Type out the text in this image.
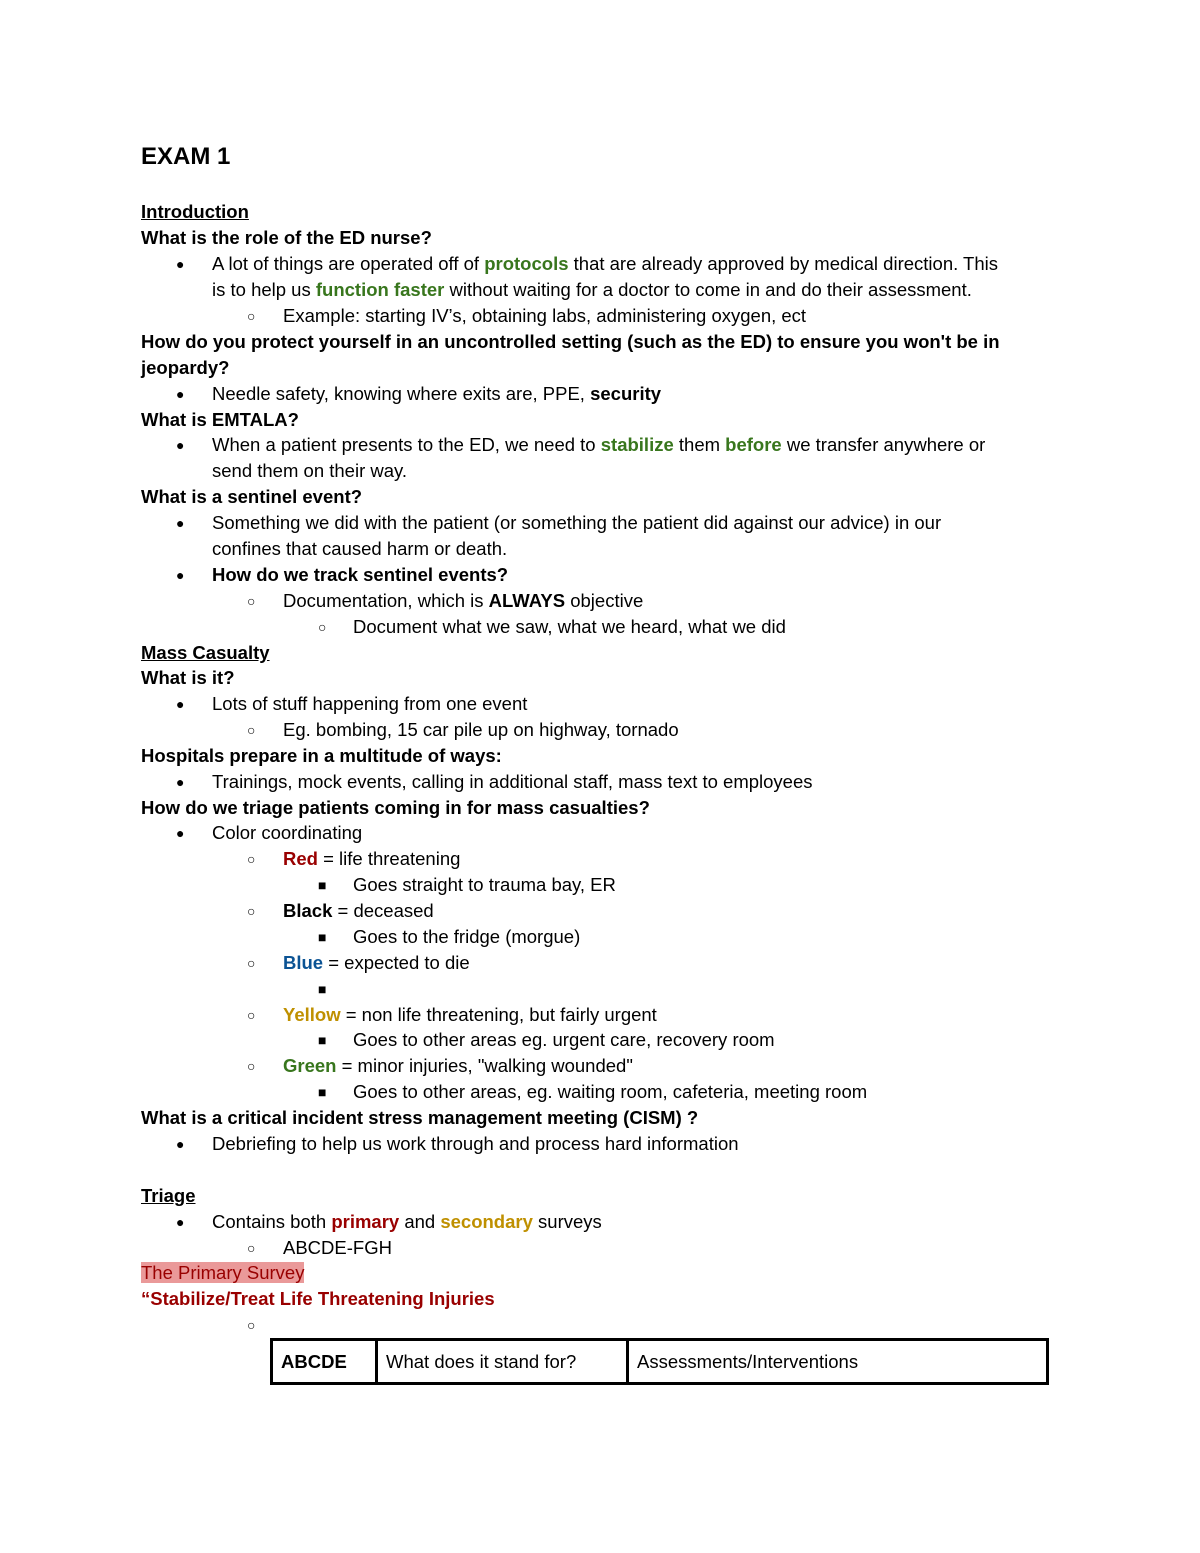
EXAM 1
Introduction
What is the role of the ED nurse?
● A lot of things are operated off of protocols that are already approved by medical direction. This
is to help us function faster without waiting for a doctor to come in and do their assessment.
○ Example: starting IV’s, obtaining labs, administering oxygen, ect
How do you protect yourself in an uncontrolled setting (such as the ED) to ensure you won't be in
jeopardy?
● Needle safety, knowing where exits are, PPE, security
What is EMTALA?
● When a patient presents to the ED, we need to stabilize them before we transfer anywhere or
send them on their way.
What is a sentinel event?
● Something we did with the patient (or something the patient did against our advice) in our
confines that caused harm or death.
● How do we track sentinel events?
○ Documentation, which is ALWAYS objective
○ Document what we saw, what we heard, what we did
Mass Casualty
What is it?
● Lots of stuff happening from one event
○ Eg. bombing, 15 car pile up on highway, tornado
Hospitals prepare in a multitude of ways:
● Trainings, mock events, calling in additional staff, mass text to employees
How do we triage patients coming in for mass casualties?
● Color coordinating
○ Red = life threatening
■ Goes straight to trauma bay, ER
○ Black = deceased
■ Goes to the fridge (morgue)
○ Blue = expected to die
■
○ Yellow = non life threatening, but fairly urgent
■ Goes to other areas eg. urgent care, recovery room
○ Green = minor injuries, "walking wounded"
■ Goes to other areas, eg. waiting room, cafeteria, meeting room
What is a critical incident stress management meeting (CISM) ?
● Debriefing to help us work through and process hard information
Triage
● Contains both primary and secondary surveys
○ ABCDE-FGH
The Primary Survey
“Stabilize/Treat Life Threatening Injuries
○
ABCDE	What does it stand for?	Assessments/Interventions
